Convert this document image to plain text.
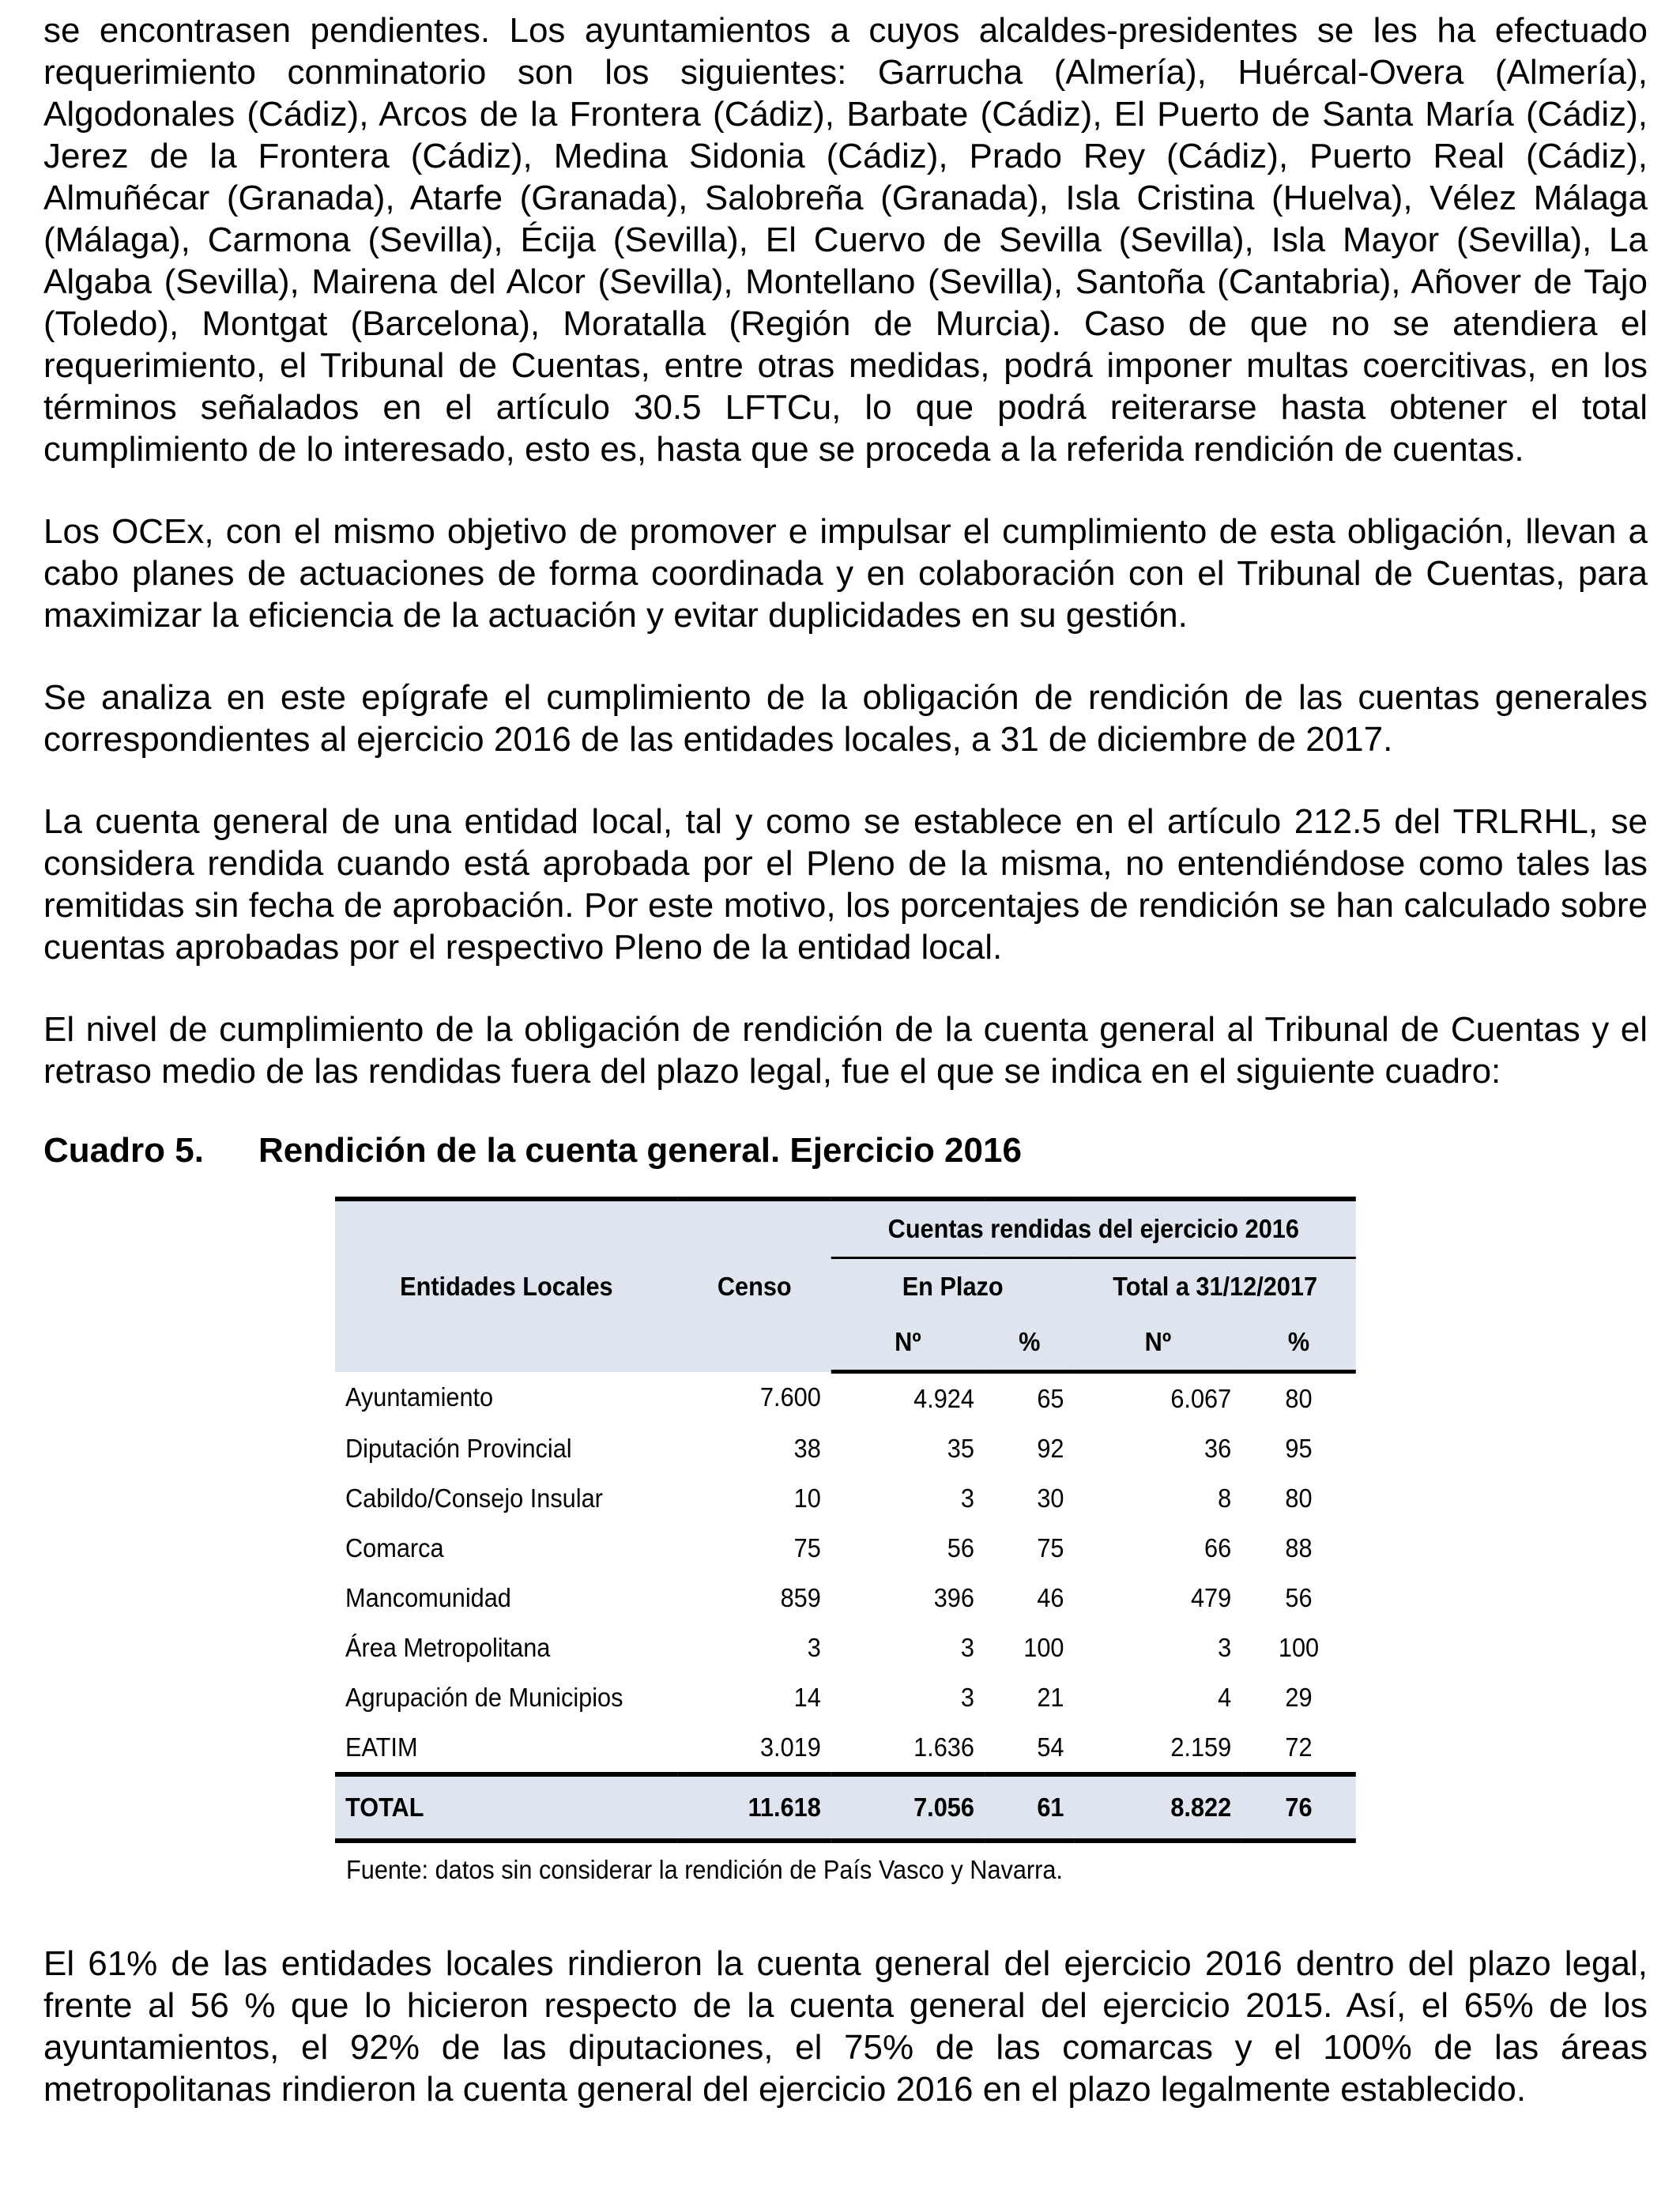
se encontrasen pendientes. Los ayuntamientos a cuyos alcaldes-presidentes se les ha efectuado requerimiento conminatorio son los siguientes: Garrucha (Almería), Huércal-Overa (Almería), Algodonales (Cádiz), Arcos de la Frontera (Cádiz), Barbate (Cádiz), El Puerto de Santa María (Cádiz), Jerez de la Frontera (Cádiz), Medina Sidonia (Cádiz), Prado Rey (Cádiz), Puerto Real (Cádiz), Almuñécar (Granada), Atarfe (Granada), Salobreña (Granada), Isla Cristina (Huelva), Vélez Málaga (Málaga), Carmona (Sevilla), Écija (Sevilla), El Cuervo de Sevilla (Sevilla), Isla Mayor (Sevilla), La Algaba (Sevilla), Mairena del Alcor (Sevilla), Montellano (Sevilla), Santoña (Cantabria), Añover de Tajo (Toledo), Montgat (Barcelona), Moratalla (Región de Murcia). Caso de que no se atendiera el requerimiento, el Tribunal de Cuentas, entre otras medidas, podrá imponer multas coercitivas, en los términos señalados en el artículo 30.5 LFTCu, lo que podrá reiterarse hasta obtener el total cumplimiento de lo interesado, esto es, hasta que se proceda a la referida rendición de cuentas.

Los OCEx, con el mismo objetivo de promover e impulsar el cumplimiento de esta obligación, llevan a cabo planes de actuaciones de forma coordinada y en colaboración con el Tribunal de Cuentas, para maximizar la eficiencia de la actuación y evitar duplicidades en su gestión.

Se analiza en este epígrafe el cumplimiento de la obligación de rendición de las cuentas generales correspondientes al ejercicio 2016 de las entidades locales, a 31 de diciembre de 2017.

La cuenta general de una entidad local, tal y como se establece en el artículo 212.5 del TRLRHL, se considera rendida cuando está aprobada por el Pleno de la misma, no entendiéndose como tales las remitidas sin fecha de aprobación. Por este motivo, los porcentajes de rendición se han calculado sobre cuentas aprobadas por el respectivo Pleno de la entidad local.

El nivel de cumplimiento de la obligación de rendición de la cuenta general al Tribunal de Cuentas y el retraso medio de las rendidas fuera del plazo legal, fue el que se indica en el siguiente cuadro:

Cuadro 5.	Rendición de la cuenta general. Ejercicio 2016
Entidades Locales	Censo	Cuentas rendidas del ejercicio 2016			
		En Plazo		Total a 31/12/2017	
		Nº	%	Nº	%
Ayuntamiento	7.600	4.924	65	6.067	80
Diputación Provincial	38	35	92	36	95
Cabildo/Consejo Insular	10	3	30	8	80
Comarca	75	56	75	66	88
Mancomunidad	859	396	46	479	56
Área Metropolitana	3	3	100	3	100
Agrupación de Municipios	14	3	21	4	29
EATIM	3.019	1.636	54	2.159	72
TOTAL	11.618	7.056	61	8.822	76
Fuente: datos sin considerar la rendición de País Vasco y Navarra.

El 61% de las entidades locales rindieron la cuenta general del ejercicio 2016 dentro del plazo legal, frente al 56 % que lo hicieron respecto de la cuenta general del ejercicio 2015. Así, el 65% de los ayuntamientos, el 92% de las diputaciones, el 75% de las comarcas y el 100% de las áreas metropolitanas rindieron la cuenta general del ejercicio 2016 en el plazo legalmente establecido.
